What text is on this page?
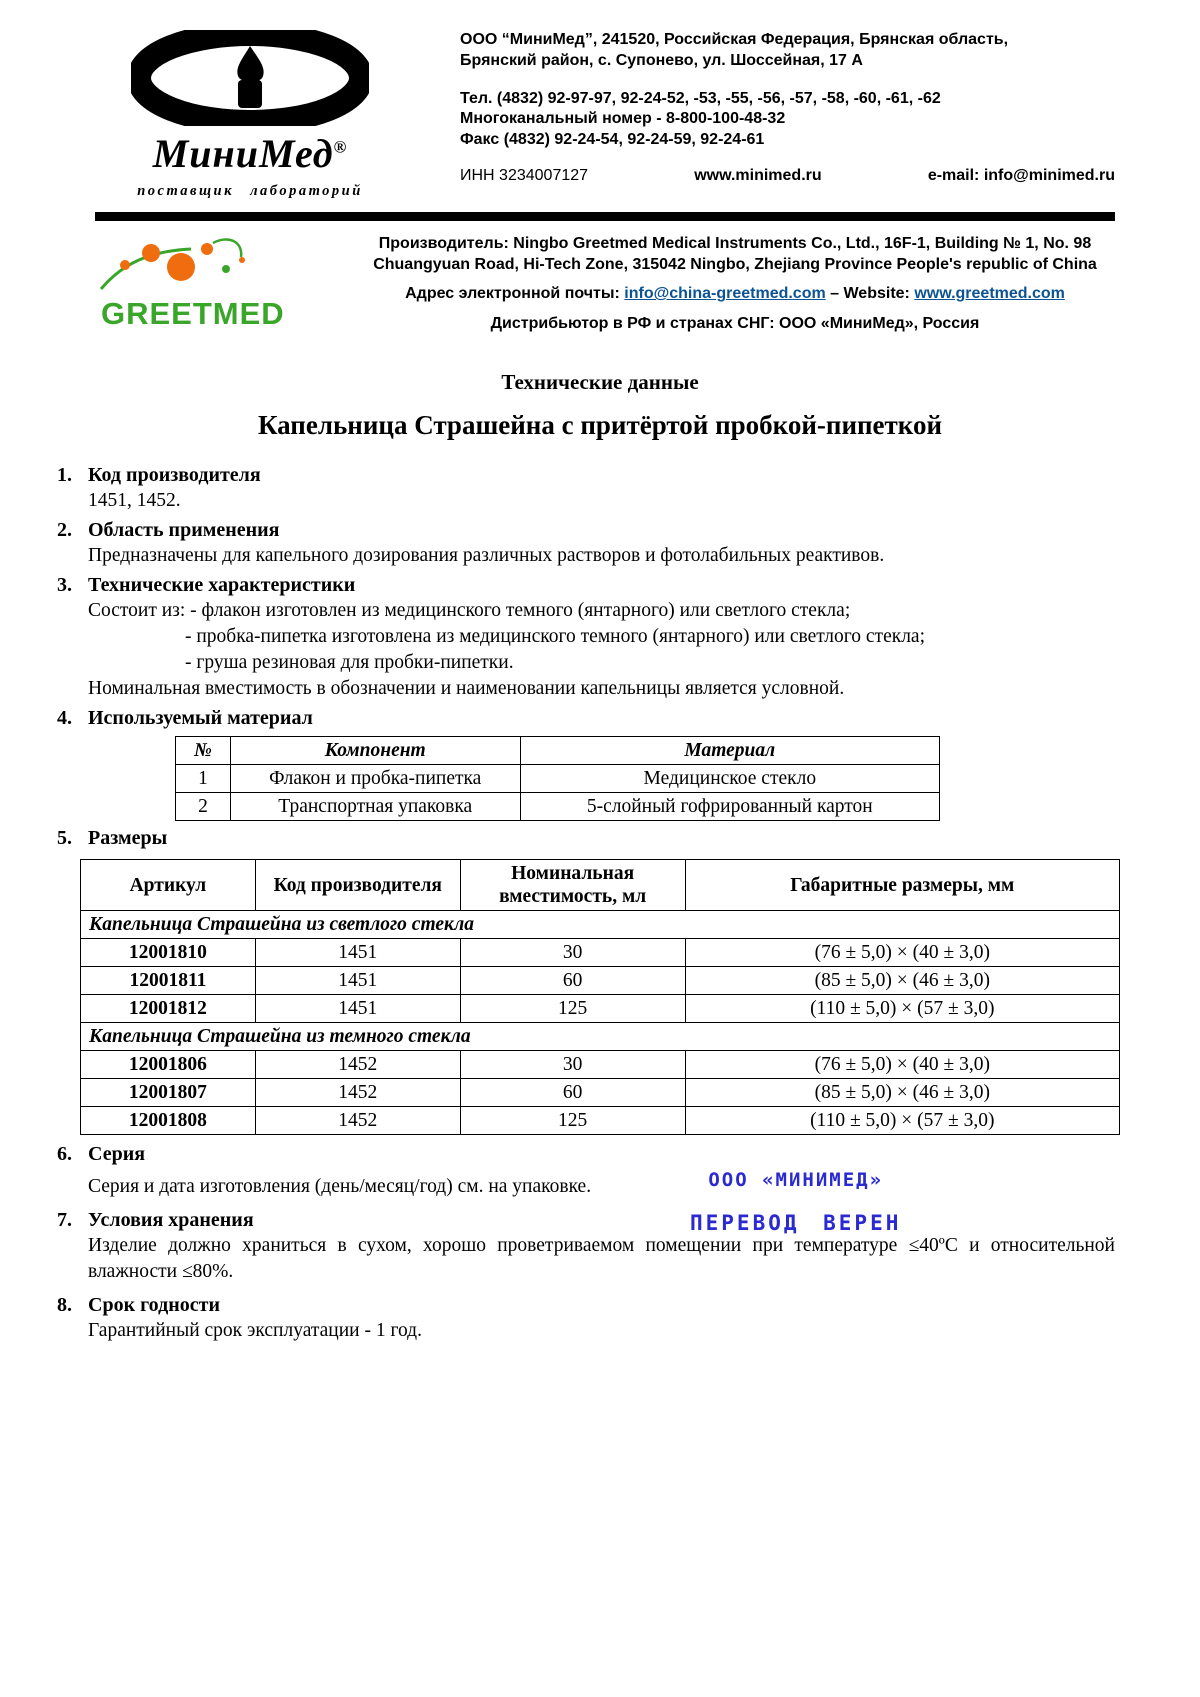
МиниМед®
поставщик лабораторий
ООО “МиниМед”, 241520, Российская Федерация, Брянская область,
Брянский район, с. Супонево, ул. Шоссейная, 17 А
Тел. (4832) 92-97-97, 92-24-52, -53, -55, -56, -57, -58, -60, -61, -62
Многоканальный номер - 8-800-100-48-32
Факс (4832) 92-24-54, 92-24-59, 92-24-61
ИНН 3234007127	www.minimed.ru	e-mail: info@minimed.ru
GREETMED
Производитель: Ningbo Greetmed Medical Instruments Co., Ltd., 16F-1, Building № 1, No. 98
Chuangyuan Road, Hi-Tech Zone, 315042 Ningbo, Zhejiang Province People's republic of China
Адрес электронной почты: info@china-greetmed.com – Website: www.greetmed.com
Дистрибьютор в РФ и странах СНГ: ООО «МиниМед», Россия
Технические данные
Капельница Страшейна с притёртой пробкой-пипеткой
1. Код производителя
1451, 1452.
2. Область применения
Предназначены для капельного дозирования различных растворов и фотолабильных реактивов.
3. Технические характеристики
Состоит из: - флакон изготовлен из медицинского темного (янтарного) или светлого стекла;
- пробка-пипетка изготовлена из медицинского темного (янтарного) или светлого стекла;
- груша резиновая для пробки-пипетки.
Номинальная вместимость в обозначении и наименовании капельницы является условной.
4. Используемый материал
№	Компонент	Материал
1	Флакон и пробка-пипетка	Медицинское стекло
2	Транспортная упаковка	5-слойный гофрированный картон
5. Размеры
Артикул	Код производителя	Номинальная вместимость, мл	Габаритные размеры, мм
Капельница Страшейна из светлого стекла			
12001810	1451	30	(76 ± 5,0) × (40 ± 3,0)
12001811	1451	60	(85 ± 5,0) × (46 ± 3,0)
12001812	1451	125	(110 ± 5,0) × (57 ± 3,0)
Капельница Страшейна из темного стекла			
12001806	1452	30	(76 ± 5,0) × (40 ± 3,0)
12001807	1452	60	(85 ± 5,0) × (46 ± 3,0)
12001808	1452	125	(110 ± 5,0) × (57 ± 3,0)
ООО «МИНИМЕД»
ПЕРЕВОД ВЕРЕН
6. Серия
Серия и дата изготовления (день/месяц/год) см. на упаковке.
7. Условия хранения
Изделие должно храниться в сухом, хорошо проветриваемом помещении при температуре ≤40ºС и относительной влажности ≤80%.
8. Срок годности
Гарантийный срок эксплуатации - 1 год.
